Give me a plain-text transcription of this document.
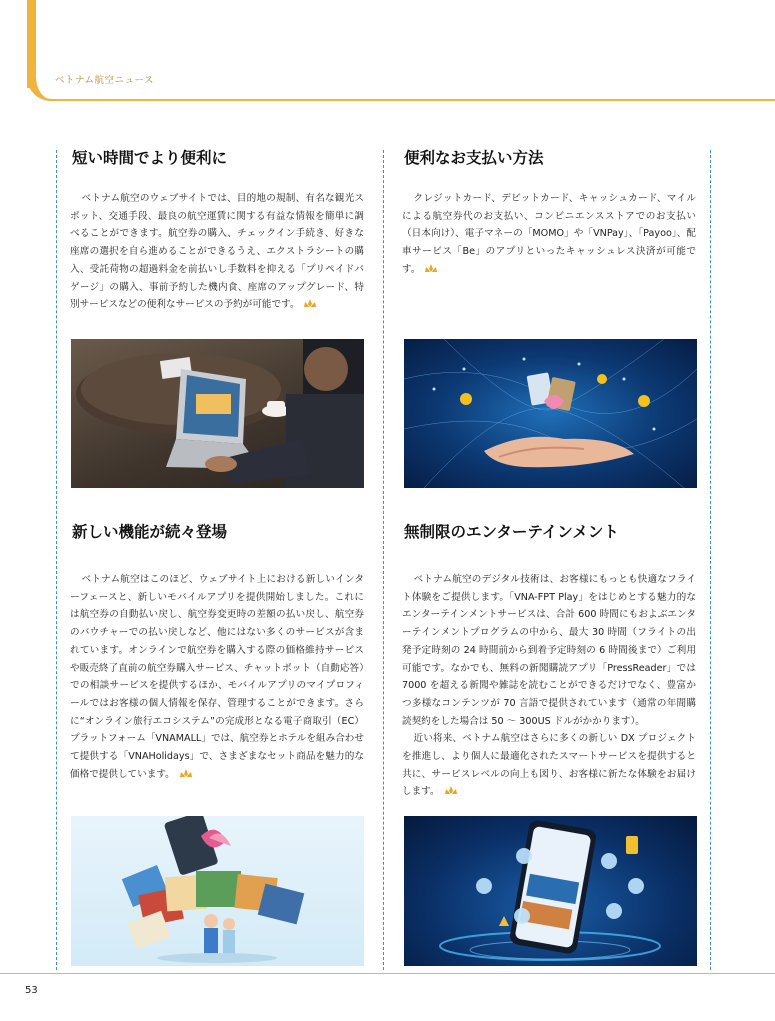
ベトナム航空ニュース
短い時間でより便利に
ベトナム航空のウェブサイトでは、目的地の規制、有名な観光スポット、交通手段、最良の航空運賃に関する有益な情報を簡単に調べることができます。航空券の購入、チェックイン手続き、好きな座席の選択を自ら進めることができるうえ、エクストラシートの購入、受託荷物の超過料金を前払いし手数料を抑える「プリペイドバゲージ」の購入、事前予約した機内食、座席のアップグレード、特別サービスなどの便利なサービスの予約が可能です。
便利なお支払い方法
クレジットカード、デビットカード、キャッシュカード、マイルによる航空券代のお支払い、コンビニエンスストアでのお支払い（日本向け）、電子マネーの「MOMO」や「VNPay」、「Payoo」、配車サービス「Be」のアプリといったキャッシュレス決済が可能です。
新しい機能が続々登場
ベトナム航空はこのほど、ウェブサイト上における新しいインターフェースと、新しいモバイルアプリを提供開始しました。これには航空券の自動払い戻し、航空券変更時の差額の払い戻し、航空券のバウチャーでの払い戻しなど、他にはない多くのサービスが含まれています。オンラインで航空券を購入する際の価格維持サービスや販売終了直前の航空券購入サービス、チャットボット（自動応答）での相談サービスを提供するほか、モバイルアプリのマイプロフィールではお客様の個人情報を保存、管理することができます。さらに“オンライン旅行エコシステム”の完成形となる電子商取引（EC）プラットフォーム「VNAMALL」では、航空券とホテルを組み合わせて提供する「VNAHolidays」で、さまざまなセット商品を魅力的な価格で提供しています。
無制限のエンターテインメント

ベトナム航空のデジタル技術は、お客様にもっとも快適なフライト体験をご提供します。「VNA-FPT Play」をはじめとする魅力的なエンターテインメントサービスは、合計 600 時間にもおよぶエンターテインメントプログラムの中から、最大 30 時間（フライトの出発予定時刻の 24 時間前から到着予定時刻の 6 時間後まで）ご利用可能です。なかでも、無料の新聞購読アプリ「PressReader」では 7000 を超える新聞や雑誌を読むことができるだけでなく、豊富かつ多様なコンテンツが 70 言語で提供されています（通常の年間購読契約をした場合は 50 〜 300US ドルがかかります）。

近い将来、ベトナム航空はさらに多くの新しい DX プロジェクトを推進し、より個人に最適化されたスマートサービスを提供すると共に、サービスレベルの向上も図り、お客様に新たな体験をお届けします。

53
